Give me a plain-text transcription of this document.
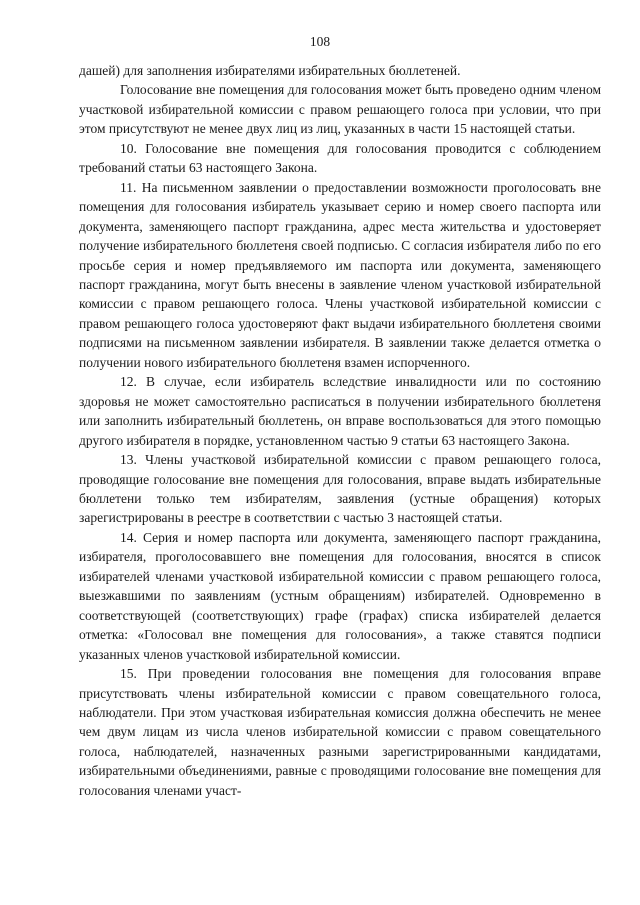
108

дашей) для заполнения избирателями избирательных бюллетеней.

Голосование вне помещения для голосования может быть проведено одним членом участковой избирательной комиссии с правом решающего голоса при условии, что при этом присутствуют не менее двух лиц из лиц, указанных в части 15 настоящей статьи.

10. Голосование вне помещения для голосования проводится с соблюдением требований статьи 63 настоящего Закона.

11. На письменном заявлении о предоставлении возможности проголосовать вне помещения для голосования избиратель указывает серию и номер своего паспорта или документа, заменяющего паспорт гражданина, адрес места жительства и удостоверяет получение избирательного бюллетеня своей подписью. С согласия избирателя либо по его просьбе серия и номер предъявляемого им паспорта или документа, заменяющего паспорт гражданина, могут быть внесены в заявление членом участковой избирательной комиссии с правом решающего голоса. Члены участковой избирательной комиссии с правом решающего голоса удостоверяют факт выдачи избирательного бюллетеня своими подписями на письменном заявлении избирателя. В заявлении также делается отметка о получении нового избирательного бюллетеня взамен испорченного.

12. В случае, если избиратель вследствие инвалидности или по состоянию здоровья не может самостоятельно расписаться в получении избирательного бюллетеня или заполнить избирательный бюллетень, он вправе воспользоваться для этого помощью другого избирателя в порядке, установленном частью 9 статьи 63 настоящего Закона.

13. Члены участковой избирательной комиссии с правом решающего голоса, проводящие голосование вне помещения для голосования, вправе выдать избирательные бюллетени только тем избирателям, заявления (устные обращения) которых зарегистрированы в реестре в соответствии с частью 3 настоящей статьи.

14. Серия и номер паспорта или документа, заменяющего паспорт гражданина, избирателя, проголосовавшего вне помещения для голосования, вносятся в список избирателей членами участковой избирательной комиссии с правом решающего голоса, выезжавшими по заявлениям (устным обращениям) избирателей. Одновременно в соответствующей (соответствующих) графе (графах) списка избирателей делается отметка: «Голосовал вне помещения для голосования», а также ставятся подписи указанных членов участковой избирательной комиссии.

15. При проведении голосования вне помещения для голосования вправе присутствовать члены избирательной комиссии с правом совещательного голоса, наблюдатели. При этом участковая избирательная комиссия должна обеспечить не менее чем двум лицам из числа членов избирательной комиссии с правом совещательного голоса, наблюдателей, назначенных разными зарегистрированными кандидатами, избирательными объединениями, равные с проводящими голосование вне помещения для голосования членами участ-
